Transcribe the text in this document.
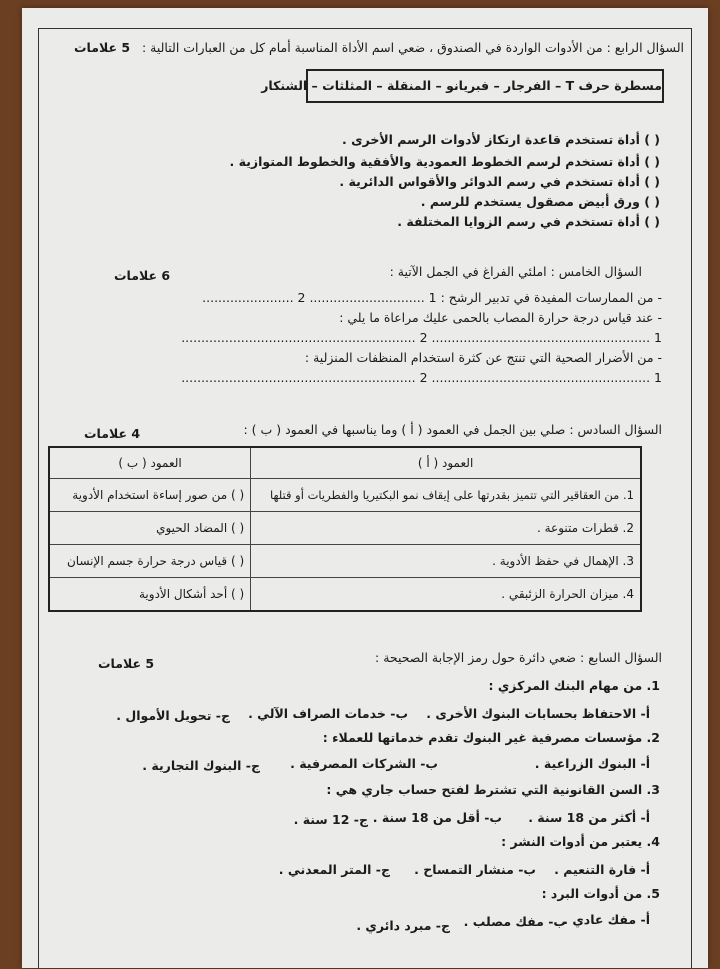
السؤال الرابع : من الأدوات الواردة في الصندوق ، ضعي اسم الأداة المناسبة أمام كل من العبارات التالية :
5 علامات
مسطرة حرف T – الفرجار – فبريانو – المنقلة – المثلثات – الشنكار
( ) أداة تستخدم قاعدة ارتكاز لأدوات الرسم الأخرى .
( ) أداة تستخدم لرسم الخطوط العمودية والأفقية والخطوط المتوازية .
( ) أداة تستخدم في رسم الدوائر والأقواس الدائرية .
( ) ورق أبيض مصقول يستخدم للرسم .
( ) أداة تستخدم في رسم الزوايا المختلفة .
السؤال الخامس : املئي الفراغ في الجمل الآتية :
6 علامات
- من الممارسات المفيدة في تدبير الرشح : 1 ............................. 2 .......................
- عند قياس درجة حرارة المصاب بالحمى عليك مراعاة ما يلي :
1 ....................................................... 2 ...........................................................
- من الأضرار الصحية التي تنتج عن كثرة استخدام المنظفات المنزلية :
1 ....................................................... 2 ...........................................................
السؤال السادس : صلي بين الجمل في العمود ( أ ) وما يناسبها في العمود ( ب ) :
4 علامات
العمود ( أ )	العمود ( ب )
1. من العقاقير التي تتميز بقدرتها على إيقاف نمو البكتيريا والفطريات أو قتلها	( ) من صور إساءة استخدام الأدوية
2. قطرات متنوعة .	( ) المضاد الحيوي
3. الإهمال في حفظ الأدوية .	( ) قياس درجة حرارة جسم الإنسان
4. ميزان الحرارة الزئبقي .	( ) أحد أشكال الأدوية
السؤال السابع : ضعي دائرة حول رمز الإجابة الصحيحة :
5 علامات
1. من مهام البنك المركزي :
أ- الاحتفاظ بحسابات البنوك الأخرى .
ب- خدمات الصراف الآلي .
ج- تحويل الأموال .
2. مؤسسات مصرفية غير البنوك تقدم خدماتها للعملاء :
أ- البنوك الزراعية .
ب- الشركات المصرفية .
ج- البنوك التجارية .
3. السن القانونية التي تشترط لفتح حساب جاري هي :
أ- أكثر من 18 سنة .
ب- أقل من 18 سنة .
ج- 12 سنة .
4. يعتبر من أدوات النشر :
أ- فارة التنعيم .
ب- منشار التمساح .
ج- المتر المعدني .
5. من أدوات البرد :
أ- مفك عادي .
ب- مفك مصلب .
ج- مبرد دائري .
